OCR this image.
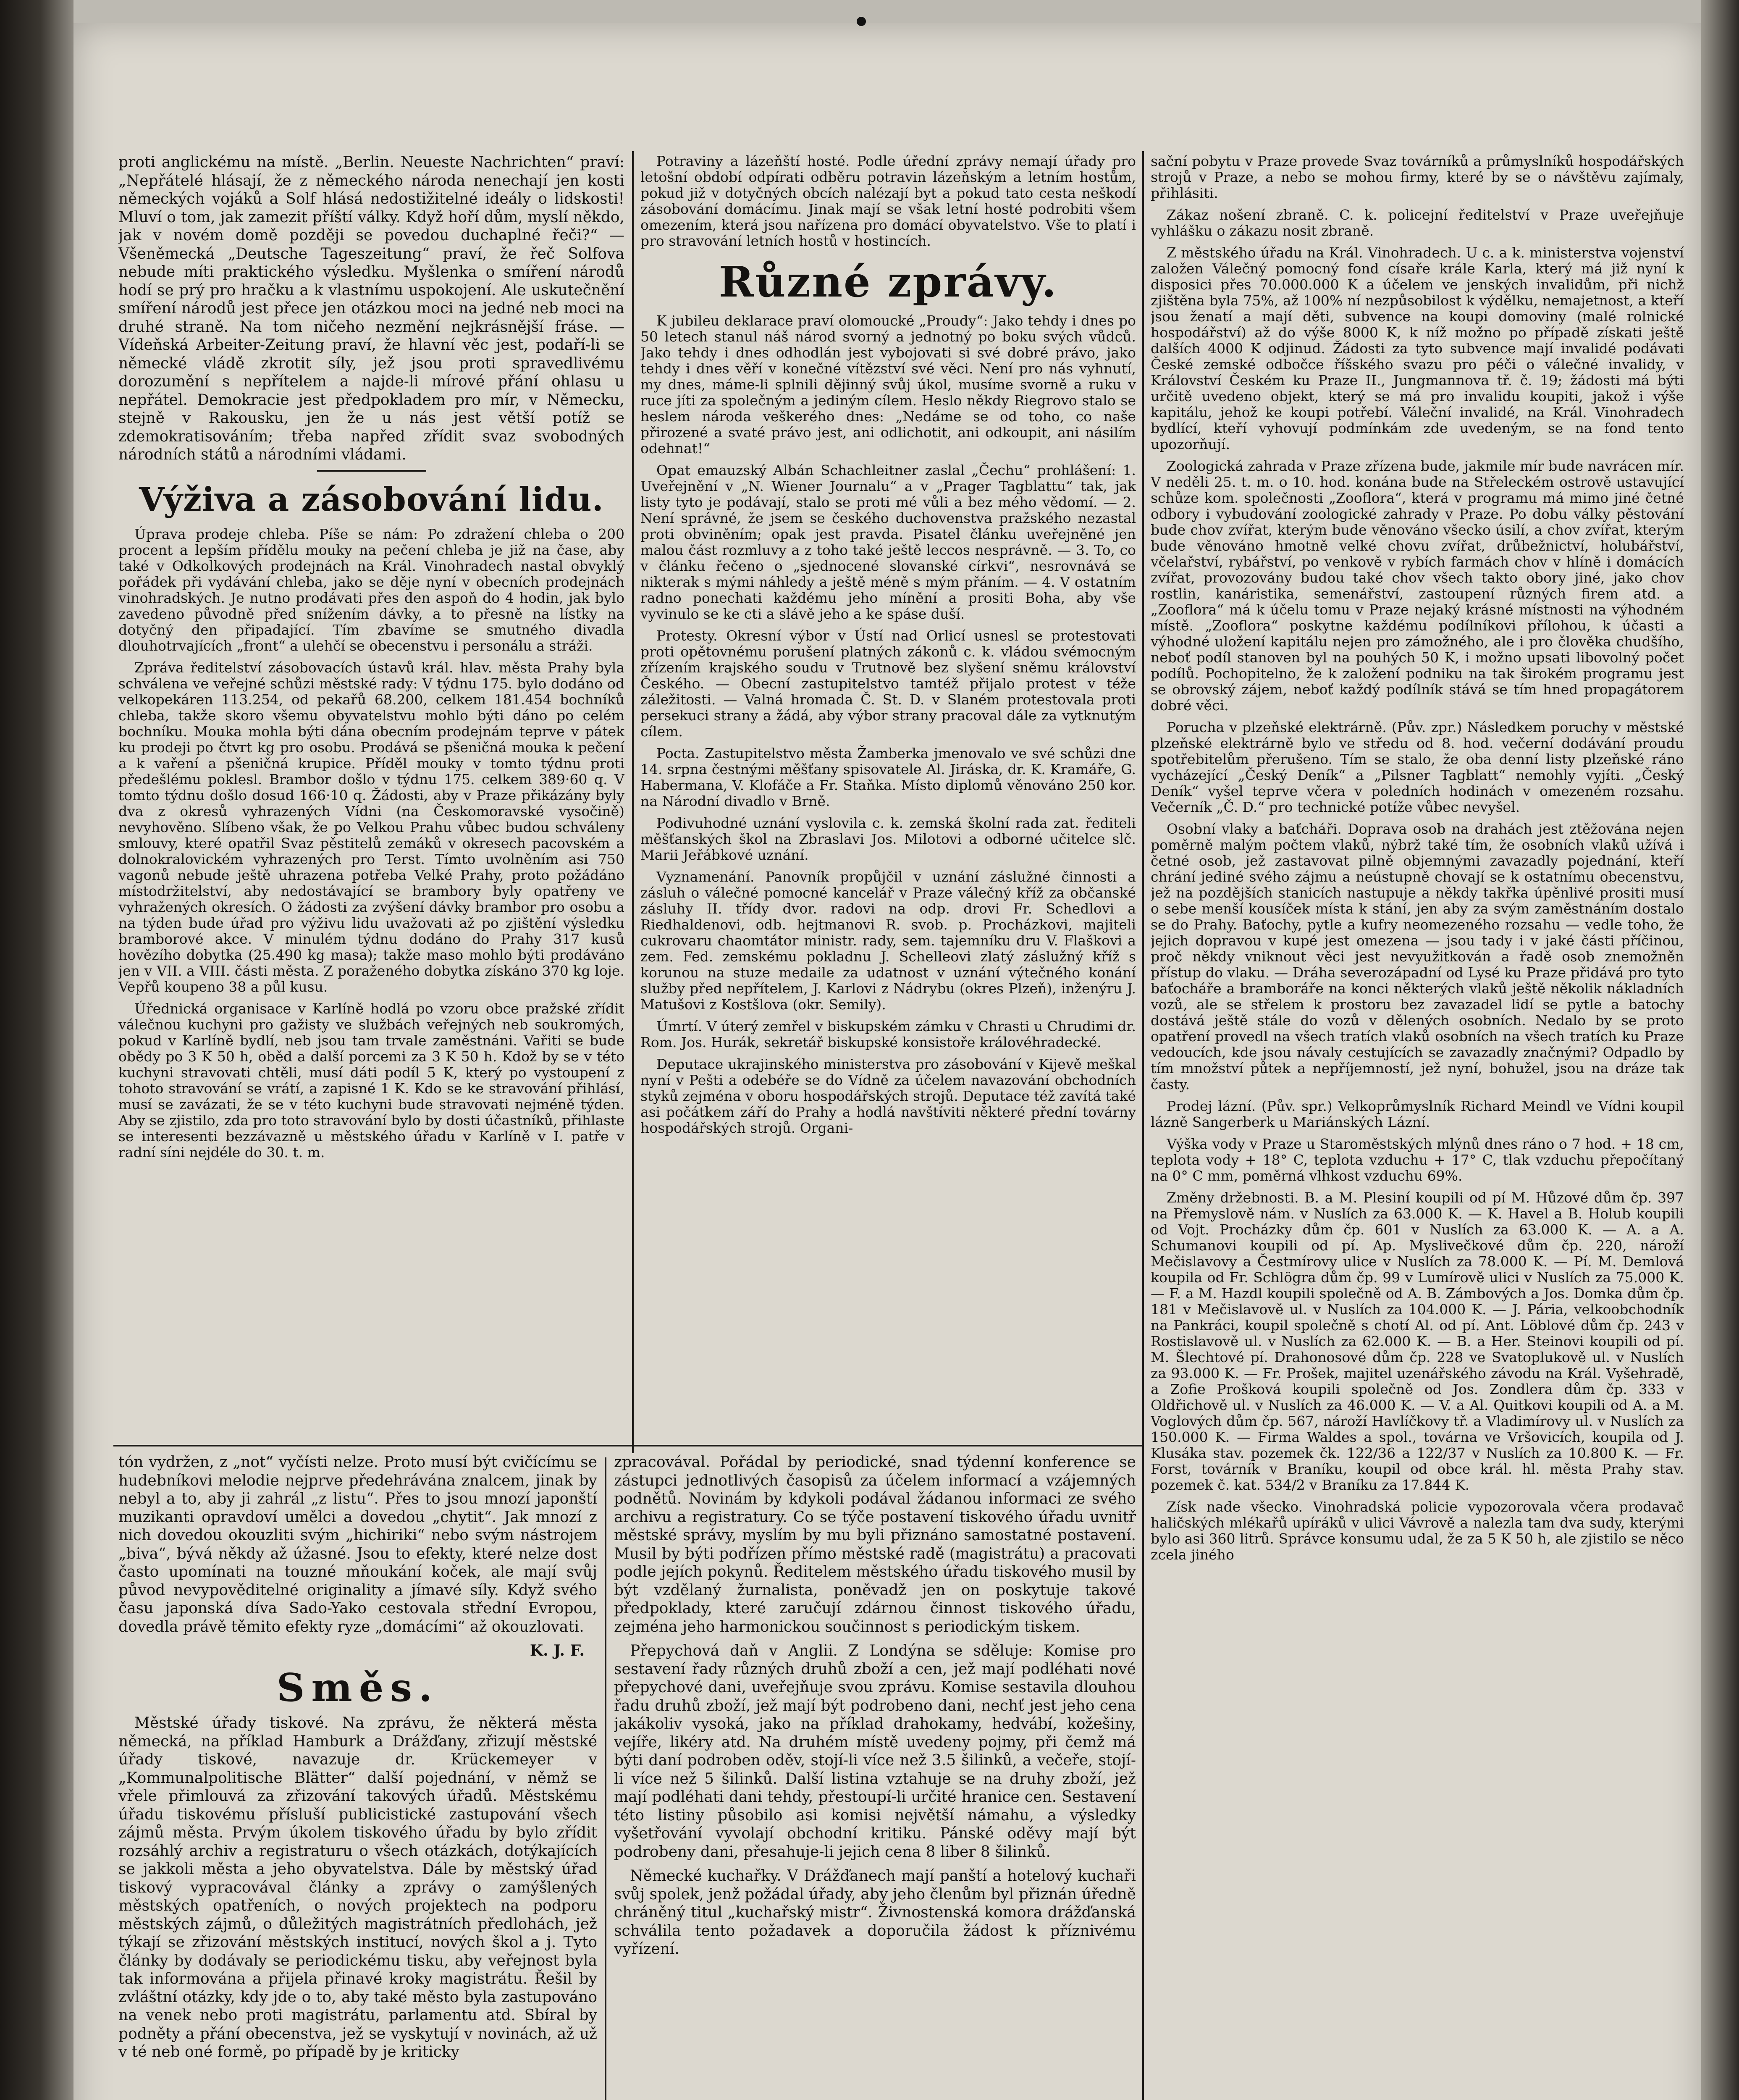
proti anglickému na místě. „Berlin. Neueste Nachrichten“ praví: „Nepřátelé hlásají, že z německého národa nenechají jen kosti německých vojáků a Solf hlásá nedostižitelné ideály o lidskosti! Mluví o tom, jak zamezit příští války. Když hoří dům, myslí někdo, jak v novém domě později se povedou duchaplné řeči?“ — Všeněmecká „Deutsche Tageszeitung“ praví, že řeč Solfova nebude míti praktického výsledku. Myšlenka o smíření národů hodí se prý pro hračku a k vlastnímu uspokojení. Ale uskutečnění smíření národů jest přece jen otázkou moci na jedné neb moci na druhé straně. Na tom ničeho nezmění nejkrásnější fráse. — Vídeňská Arbeiter-Zeitung praví, že hlavní věc jest, podaří-li se německé vládě zkrotit síly, jež jsou proti spravedlivému dorozumění s nepřítelem a najde-li mírové přání ohlasu u nepřátel. Demokracie jest předpokladem pro mír, v Německu, stejně v Rakousku, jen že u nás jest větší potíž se zdemokratisováním; třeba napřed zřídit svaz svobodných národních států a národními vládami.

Výživa a zásobování lidu.

Úprava prodeje chleba. Píše se nám: Po zdražení chleba o 200 procent a lepším přídělu mouky na pečení chleba je již na čase, aby také v Odkolkových prodejnách na Král. Vinohradech nastal obvyklý pořádek při vydávání chleba, jako se děje nyní v obecních prodejnách vinohradských. Je nutno prodávati přes den aspoň do 4 hodin, jak bylo zavedeno původně před snížením dávky, a to přesně na lístky na dotyčný den připadající. Tím zbavíme se smutného divadla dlouhotrvajících „front“ a ulehčí se obecenstvu i personálu a stráži.

Zpráva ředitelství zásobovacích ústavů král. hlav. města Prahy byla schválena ve veřejné schůzi městské rady: V týdnu 175. bylo dodáno od velkopekáren 113.254, od pekařů 68.200, celkem 181.454 bochníků chleba, takže skoro všemu obyvatelstvu mohlo býti dáno po celém bochníku. Mouka mohla býti dána obecním prodejnám teprve v pátek ku prodeji po čtvrt kg pro osobu. Prodává se pšeničná mouka k pečení a k vaření a pšeničná krupice. Příděl mouky v tomto týdnu proti předešlému poklesl. Brambor došlo v týdnu 175. celkem 389·60 q. V tomto týdnu došlo dosud 166·10 q. Žádosti, aby v Praze přikázány byly dva z okresů vyhrazených Vídni (na Českomoravské vysočině) nevyhověno. Slíbeno však, že po Velkou Prahu vůbec budou schváleny smlouvy, které opatřil Svaz pěstitelů zemáků v okresech pacovském a dolnokralovickém vyhrazených pro Terst. Tímto uvolněním asi 750 vagonů nebude ještě uhrazena potřeba Velké Prahy, proto požádáno místodržitelství, aby nedostávající se brambory byly opatřeny ve vyhražených okresích. O žádosti za zvýšení dávky brambor pro osobu a na týden bude úřad pro výživu lidu uvažovati až po zjištění výsledku bramborové akce. V minulém týdnu dodáno do Prahy 317 kusů hovězího dobytka (25.490 kg masa); takže maso mohlo býti prodáváno jen v VII. a VIII. části města. Z poraženého dobytka získáno 370 kg loje. Vepřů koupeno 38 a půl kusu.

Úřednická organisace v Karlíně hodlá po vzoru obce pražské zřídit válečnou kuchyni pro gažisty ve službách veřejných neb soukromých, pokud v Karlíně bydlí, neb jsou tam trvale zaměstnáni. Vařiti se bude obědy po 3 K 50 h, oběd a další porcemi za 3 K 50 h. Kdož by se v této kuchyni stravovati chtěli, musí dáti podíl 5 K, který po vystoupení z tohoto stravování se vrátí, a zapisné 1 K. Kdo se ke stravování přihlásí, musí se zavázati, že se v této kuchyni bude stravovati nejméně týden. Aby se zjistilo, zda pro toto stravování bylo by dosti účastníků, přihlaste se interesenti bezzávazně u městského úřadu v Karlíně v I. patře v radní síni nejdéle do 30. t. m.

Potraviny a lázeňští hosté. Podle úřední zprávy nemají úřady pro letošní období odpírati odběru potravin lázeňským a letním hostům, pokud již v dotyčných obcích nalézají byt a pokud tato cesta neškodí zásobování domácímu. Jinak mají se však letní hosté podrobiti všem omezením, která jsou nařízena pro domácí obyvatelstvo. Vše to platí i pro stravování letních hostů v hostincích.

Různé zprávy.

K jubileu deklarace praví olomoucké „Proudy“: Jako tehdy i dnes po 50 letech stanul náš národ svorný a jednotný po boku svých vůdců. Jako tehdy i dnes odhodlán jest vybojovati si své dobré právo, jako tehdy i dnes věří v konečné vítězství své věci. Není pro nás vyhnutí, my dnes, máme-li splnili dějinný svůj úkol, musíme svorně a ruku v ruce jíti za společným a jediným cílem. Heslo někdy Riegrovo stalo se heslem národa veškerého dnes: „Nedáme se od toho, co naše přirozené a svaté právo jest, ani odlichotit, ani odkoupit, ani násilím odehnat!“

Opat emauzský Albán Schachleitner zaslal „Čechu“ prohlášení: 1. Uveřejnění v „N. Wiener Journalu“ a v „Prager Tagblattu“ tak, jak listy tyto je podávají, stalo se proti mé vůli a bez mého vědomí. — 2. Není správné, že jsem se českého duchovenstva pražského nezastal proti obviněním; opak jest pravda. Pisatel článku uveřejněné jen malou část rozmluvy a z toho také ještě leccos nesprávně. — 3. To, co v článku řečeno o „sjednocené slovanské církvi“, nesrovnává se nikterak s mými náhledy a ještě méně s mým přáním. — 4. V ostatním radno ponechati každému jeho mínění a prositi Boha, aby vše vyvinulo se ke cti a slávě jeho a ke spáse duší.

Protesty. Okresní výbor v Ústí nad Orlicí usnesl se protestovati proti opětovnému porušení platných zákonů c. k. vládou svémocným zřízením krajského soudu v Trutnově bez slyšení sněmu království Českého. — Obecní zastupitelstvo tamtéž přijalo protest v téže záležitosti. — Valná hromada Č. St. D. v Slaném protestovala proti persekuci strany a žádá, aby výbor strany pracoval dále za vytknutým cílem.

Pocta. Zastupitelstvo města Žamberka jmenovalo ve své schůzi dne 14. srpna čestnými měšťany spisovatele Al. Jiráska, dr. K. Kramáře, G. Habermana, V. Klofáče a Fr. Staňka. Místo diplomů věnováno 250 kor. na Národní divadlo v Brně.

Podivuhodné uznání vyslovila c. k. zemská školní rada zat. řediteli měšťanských škol na Zbraslavi Jos. Milotovi a odborné učitelce slč. Marii Jeřábkové uznání.

Vyznamenání. Panovník propůjčil v uznání záslužné činnosti a zásluh o válečné pomocné kancelář v Praze válečný kříž za občanské zásluhy II. třídy dvor. radovi na odp. drovi Fr. Schedlovi a Riedhaldenovi, odb. hejtmanovi R. svob. p. Procházkovi, majiteli cukrovaru chaomtátor ministr. rady, sem. tajemníku dru V. Flaškovi a zem. Fed. zemskému pokladnu J. Schelleovi zlatý záslužný kříž s korunou na stuze medaile za udatnost v uznání výtečného konání služby před nepřítelem, J. Karlovi z Nádrybu (okres Plzeň), inženýru J. Matušovi z Kostšlova (okr. Semily).

Úmrtí. V úterý zemřel v biskupském zámku v Chrasti u Chrudimi dr. Rom. Jos. Hurák, sekretář biskupské konsistoře královéhradecké.

Deputace ukrajinského ministerstva pro zásobování v Kijevě meškal nyní v Pešti a odebéře se do Vídně za účelem navazování obchodních styků zejména v oboru hospodářských strojů. Deputace též zavítá také asi počátkem září do Prahy a hodlá navštíviti některé přední továrny hospodářských strojů. Organi-

sační pobytu v Praze provede Svaz továrníků a průmyslníků hospodářských strojů v Praze, a nebo se mohou firmy, které by se o návštěvu zajímaly, přihlásiti.

Zákaz nošení zbraně. C. k. policejní ředitelství v Praze uveřejňuje vyhlášku o zákazu nosit zbraně.

Z městského úřadu na Král. Vinohradech. U c. a k. ministerstva vojenství založen Válečný pomocný fond císaře krále Karla, který má již nyní k disposici přes 70.000.000 K a účelem ve jenských invalidům, při nichž zjištěna byla 75%, až 100% ní nezpůsobilost k výdělku, nemajetnost, a kteří jsou ženatí a mají děti, subvence na koupi domoviny (malé rolnické hospodářství) až do výše 8000 K, k níž možno po případě získati ještě dalších 4000 K odjinud. Žádosti za tyto subvence mají invalidé podávati České zemské odbočce říšského svazu pro péči o válečné invalidy, v Království Českém ku Praze II., Jungmannova tř. č. 19; žádosti má býti určitě uvedeno objekt, který se má pro invalidu koupiti, jakož i výše kapitálu, jehož ke koupi potřebí. Váleční invalidé, na Král. Vinohradech bydlící, kteří vyhovují podmínkám zde uvedeným, se na fond tento upozorňují.

Zoologická zahrada v Praze zřízena bude, jakmile mír bude navrácen mír. V neděli 25. t. m. o 10. hod. konána bude na Střeleckém ostrově ustavující schůze kom. společnosti „Zooflora“, která v programu má mimo jiné četné odbory i vybudování zoologické zahrady v Praze. Po dobu války pěstování bude chov zvířat, kterým bude věnováno všecko úsilí, a chov zvířat, kterým bude věnováno hmotně velké chovu zvířat, drůbežnictví, holubářství, včelařství, rybářství, po venkově v rybích farmách chov v hlíně i domácích zvířat, provozovány budou také chov všech takto obory jiné, jako chov rostlin, kanáristika, semenářství, zastoupení různých firem atd. a „Zooflora“ má k účelu tomu v Praze nejaký krásné místnosti na výhodném místě. „Zooflora“ poskytne každému podílníkovi přílohou, k účasti a výhodné uložení kapitálu nejen pro zámožného, ale i pro člověka chudšího, neboť podíl stanoven byl na pouhých 50 K, i možno upsati libovolný počet podílů. Pochopitelno, že k založení podniku na tak širokém programu jest se obrovský zájem, neboť každý podílník stává se tím hned propagátorem dobré věci.

Porucha v plzeňské elektrárně. (Pův. zpr.) Následkem poruchy v městské plzeňské elektrárně bylo ve středu od 8. hod. večerní dodávání proudu spotřebitelům přerušeno. Tím se stalo, že oba denní listy plzeňské ráno vycházející „Český Deník“ a „Pilsner Tagblatt“ nemohly vyjíti. „Český Deník“ vyšel teprve včera v poledních hodinách v omezeném rozsahu. Večerník „Č. D.“ pro technické potíže vůbec nevyšel.

Osobní vlaky a baťcháři. Doprava osob na drahách jest ztěžována nejen poměrně malým počtem vlaků, nýbrž také tím, že osobních vlaků užívá i četné osob, jež zastavovat pilně objemnými zavazadly pojednání, kteří chrání jediné svého zájmu a neústupně chovají se k ostatnímu obecenstvu, jež na pozdějších stanicích nastupuje a někdy takřka úpěnlivé prositi musí o sebe menší kousíček místa k stání, jen aby za svým zaměstnáním dostalo se do Prahy. Baťochy, pytle a kufry neomezeného rozsahu — vedle toho, že jejich dopravou v kupé jest omezena — jsou tady i v jaké části příčinou, proč někdy vniknout věci jest nevyužitkován a řadě osob znemožněn přístup do vlaku. — Dráha severozápadní od Lysé ku Praze přidává pro tyto baťocháře a bramboráře na konci některých vlaků ještě několik nákladních vozů, ale se střelem k prostoru bez zavazadel lidí se pytle a batochy dostává ještě stále do vozů v dělených osobních. Nedalo by se proto opatření provedl na všech tratích vlaků osobních na všech tratích ku Praze vedoucích, kde jsou návaly cestujících se zavazadly značnými? Odpadlo by tím množství půtek a nepříjemností, jež nyní, bohužel, jsou na dráze tak časty.

Prodej lázní. (Pův. spr.) Velkoprůmyslník Richard Meindl ve Vídni koupil lázně Sangerberk u Mariánských Lázní.

Výška vody v Praze u Staroměstských mlýnů dnes ráno o 7 hod. + 18 cm, teplota vody + 18° C, teplota vzduchu + 17° C, tlak vzduchu přepočítaný na 0° C mm, poměrná vlhkost vzduchu 69%.

Změny držebnosti. B. a M. Plesiní koupili od pí M. Hůzové dům čp. 397 na Přemyslově nám. v Nuslích za 63.000 K. — K. Havel a B. Holub koupili od Vojt. Procházky dům čp. 601 v Nuslích za 63.000 K. — A. a A. Schumanovi koupili od pí. Ap. Myslivečkové dům čp. 220, nároží Mečislavovy a Čestmírovy ulice v Nuslích za 78.000 K. — Pí. M. Demlová koupila od Fr. Schlögra dům čp. 99 v Lumírově ulici v Nuslích za 75.000 K. — F. a M. Hazdl koupili společně od A. B. Zámbových a Jos. Domka dům čp. 181 v Mečislavově ul. v Nuslích za 104.000 K. — J. Pária, velkoobchodník na Pankráci, koupil společně s chotí Al. od pí. Ant. Löblové dům čp. 243 v Rostislavově ul. v Nuslích za 62.000 K. — B. a Her. Steinovi koupili od pí. M. Šlechtové pí. Drahonosové dům čp. 228 ve Svatoplukově ul. v Nuslích za 93.000 K. — Fr. Prošek, majitel uzenářského závodu na Král. Vyšehradě, a Zofie Prošková koupili společně od Jos. Zondlera dům čp. 333 v Oldřichově ul. v Nuslích za 46.000 K. — V. a Al. Quitkovi koupili od A. a M. Voglových dům čp. 567, nároží Havlíčkovy tř. a Vladimírovy ul. v Nuslích za 150.000 K. — Firma Waldes a spol., továrna ve Vršovicích, koupila od J. Klusáka stav. pozemek čk. 122/36 a 122/37 v Nuslích za 10.800 K. — Fr. Forst, továrník v Braníku, koupil od obce král. hl. města Prahy stav. pozemek č. kat. 534/2 v Braníku za 17.844 K.

Získ nade všecko. Vinohradská policie vypozorovala včera prodavač haličských mlékařů upíráků v ulici Vávrově a nalezla tam dva sudy, kterými bylo asi 360 litrů. Správce konsumu udal, že za 5 K 50 h, ale zjistilo se něco zcela jiného

tón vydržen, z „not“ vyčísti nelze. Proto musí být cvičícímu se hudebníkovi melodie nejprve předehrávána znalcem, jinak by nebyl a to, aby ji zahrál „z listu“. Přes to jsou mnozí japonští muzikanti opravdoví umělci a dovedou „chytit“. Jak mnozí z nich dovedou okouzliti svým „hichiriki“ nebo svým nástrojem „biva“, bývá někdy až úžasné. Jsou to efekty, které nelze dost často upomínati na touzné mňoukání koček, ale mají svůj původ nevypověditelné originality a jímavé síly. Když svého času japonská díva Sado-Yako cestovala střední Evropou, dovedla právě těmito efekty ryze „domácími“ až okouzlovati.

K. J. F.
Směs.

Městské úřady tiskové. Na zprávu, že některá města německá, na příklad Hamburk a Drážďany, zřizují městské úřady tiskové, navazuje dr. Krückemeyer v „Kommunalpolitische Blätter“ další pojednání, v němž se vřele přimlouvá za zřizování takových úřadů. Městskému úřadu tiskovému přísluší publicistické zastupování všech zájmů města. Prvým úkolem tiskového úřadu by bylo zřídit rozsáhlý archiv a registraturu o všech otázkách, dotýkajících se jakkoli města a jeho obyvatelstva. Dále by městský úřad tiskový vypracovával články a zprávy o zamýšlených městských opatřeních, o nových projektech na podporu městských zájmů, o důležitých magistrátních předlohách, jež týkají se zřizování městských institucí, nových škol a j. Tyto články by dodávaly se periodickému tisku, aby veřejnost byla tak informována a přijela přinavé kroky magistrátu. Řešil by zvláštní otázky, kdy jde o to, aby také město byla zastupováno na venek nebo proti magistrátu, parlamentu atd. Sbíral by podněty a přání obecenstva, jež se vyskytují v novinách, až už v té neb oné formě, po případě by je kriticky

zpracovával. Pořádal by periodické, snad týdenní konference se zástupci jednotlivých časopisů za účelem informací a vzájemných podnětů. Novinám by kdykoli podával žádanou informaci ze svého archivu a registratury. Co se týče postavení tiskového úřadu uvnitř městské správy, myslím by mu byli přiznáno samostatné postavení. Musil by býti podřízen přímo městské radě (magistrátu) a pracovati podle jejích pokynů. Ředitelem městského úřadu tiskového musil by být vzdělaný žurnalista, poněvadž jen on poskytuje takové předpoklady, které zaručují zdárnou činnost tiskového úřadu, zejména jeho harmonickou součinnost s periodickým tiskem.

Přepychová daň v Anglii. Z Londýna se sděluje: Komise pro sestavení řady různých druhů zboží a cen, jež mají podléhati nové přepychové dani, uveřejňuje svou zprávu. Komise sestavila dlouhou řadu druhů zboží, jež mají být podrobeno dani, nechť jest jeho cena jakákoliv vysoká, jako na příklad drahokamy, hedvábí, kožešiny, vejíře, likéry atd. Na druhém místě uvedeny pojmy, při čemž má býti daní podroben oděv, stojí-li více než 3.5 šilinků, a večeře, stojí-li více než 5 šilinků. Další listina vztahuje se na druhy zboží, jež mají podléhati dani tehdy, přestoupí-li určité hranice cen. Sestavení této listiny působilo asi komisi největší námahu, a výsledky vyšetřování vyvolají obchodní kritiku. Pánské oděvy mají být podrobeny dani, přesahuje-li jejich cena 8 liber 8 šilinků.

Německé kuchařky. V Drážďanech mají panští a hotelový kuchaři svůj spolek, jenž požádal úřady, aby jeho členům byl přiznán úředně chráněný titul „kuchařský mistr“. Živnostenská komora drážďanská schválila tento požadavek a doporučila žádost k příznivému vyřízení.
